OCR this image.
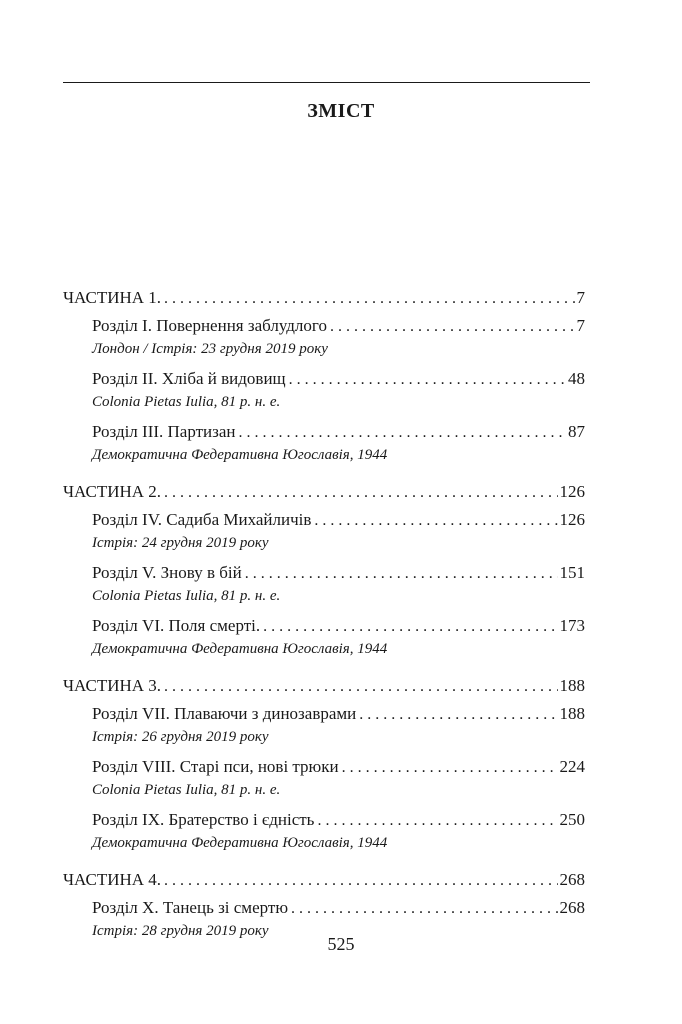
ЗМІСТ
ЧАСТИНА 1. . . .	7
Розділ І. Повернення заблудлого . . .	7
Лондон / Істрія: 23 грудня 2019 року
Розділ ІІ. Хліба й видовищ . . .	48
Colonia Pietas Iulia, 81 р. н. е.
Розділ ІІІ. Партизан . . .	87
Демократична Федеративна Югославія, 1944
ЧАСТИНА 2. . . .	126
Розділ IV. Садиба Михайличів . . .	126
Істрія: 24 грудня 2019 року
Розділ V. Знову в бій . . .	151
Colonia Pietas Iulia, 81 р. н. е.
Розділ VI. Поля смерті. . . .	173
Демократична Федеративна Югославія, 1944
ЧАСТИНА 3. . . .	188
Розділ VII. Плаваючи з динозаврами . . .	188
Істрія: 26 грудня 2019 року
Розділ VIII. Старі пси, нові трюки . . .	224
Colonia Pietas Iulia, 81 р. н. е.
Розділ IX. Братерство і єдність . . .	250
Демократична Федеративна Югославія, 1944
ЧАСТИНА 4. . . .	268
Розділ X. Танець зі смертю . . .	268
Істрія: 28 грудня 2019 року
525
